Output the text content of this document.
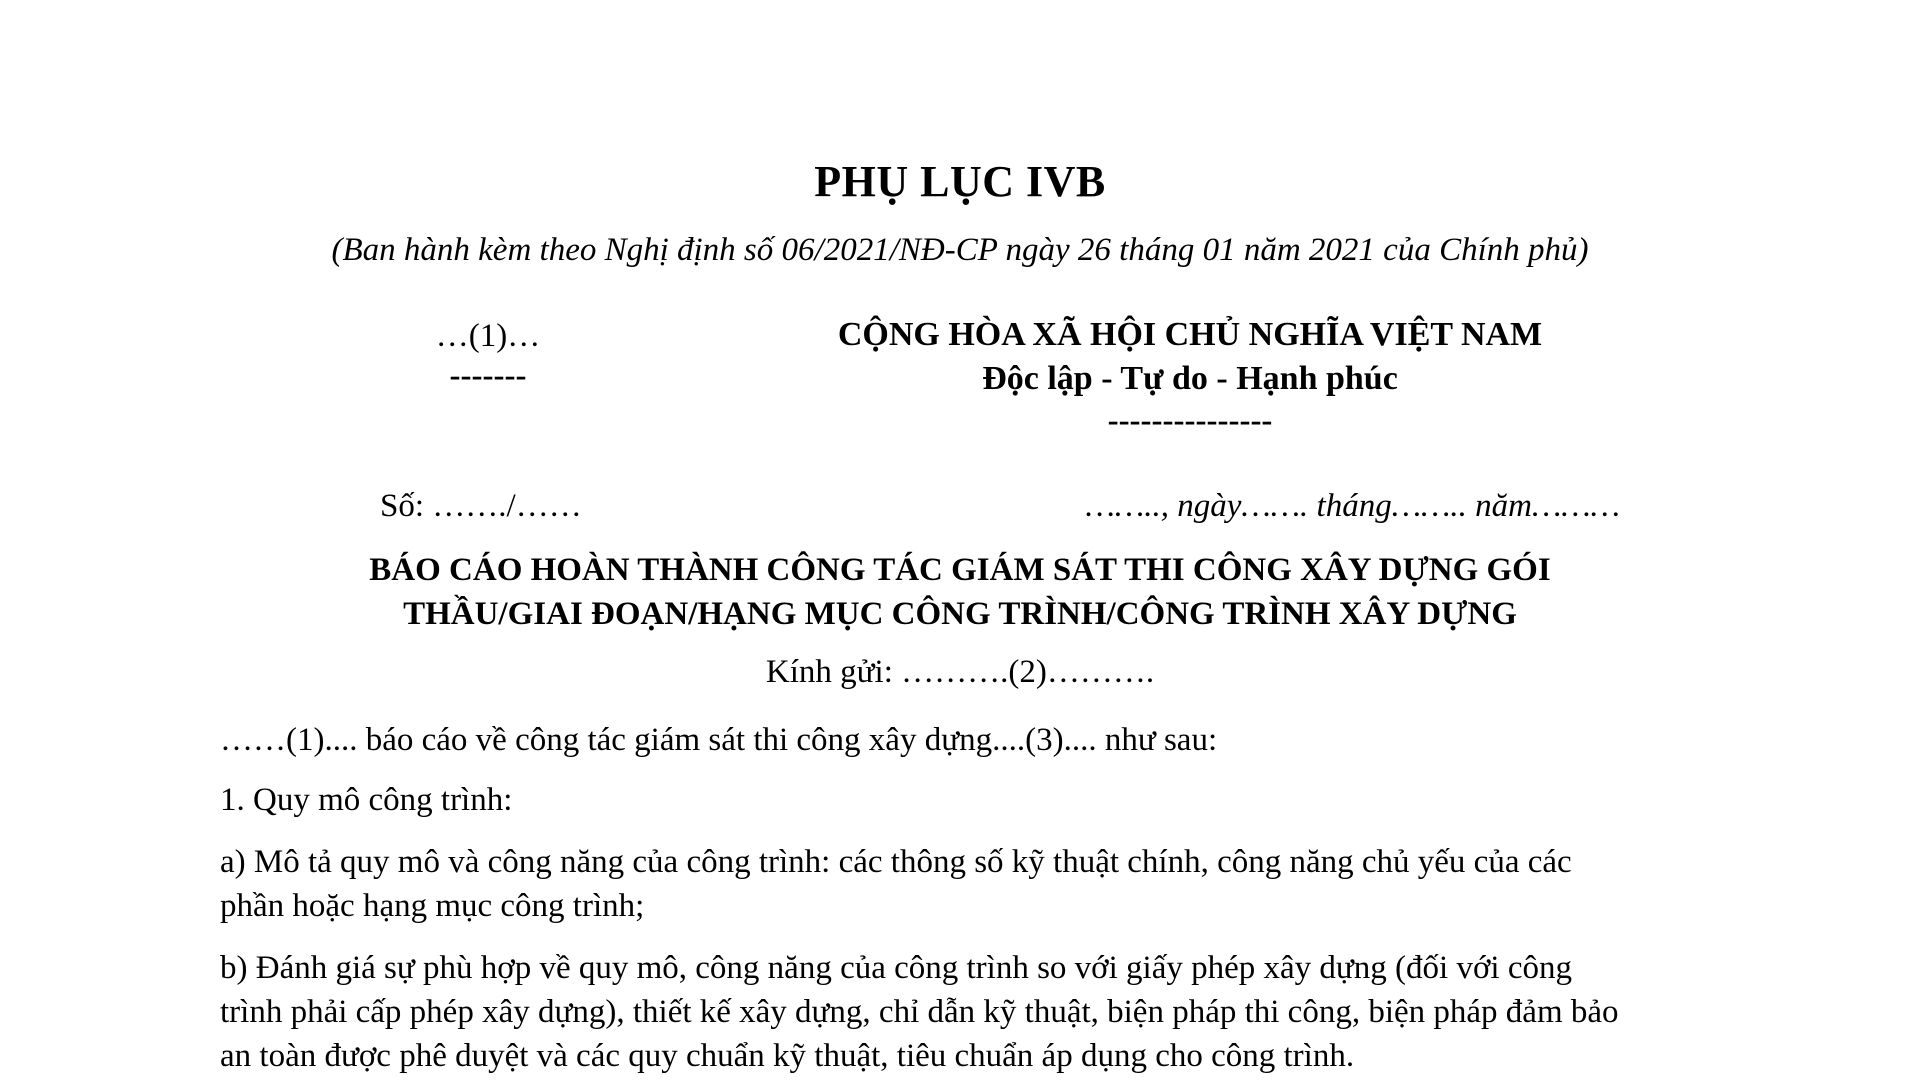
PHỤ LỤC IVB
(Ban hành kèm theo Nghị định số 06/2021/NĐ-CP ngày 26 tháng 01 năm 2021 của Chính phủ)
…(1)…
-------
CỘNG HÒA XÃ HỘI CHỦ NGHĨA VIỆT NAM
Độc lập - Tự do - Hạnh phúc
---------------
Số: ……./……	…….., ngày……. tháng…….. năm………
BÁO CÁO HOÀN THÀNH CÔNG TÁC GIÁM SÁT THI CÔNG XÂY DỰNG GÓI
THẦU/GIAI ĐOẠN/HẠNG MỤC CÔNG TRÌNH/CÔNG TRÌNH XÂY DỰNG
Kính gửi: ……….(2)……….
……(1).... báo cáo về công tác giám sát thi công xây dựng....(3).... như sau:
1. Quy mô công trình:
a) Mô tả quy mô và công năng của công trình: các thông số kỹ thuật chính, công năng chủ yếu của các
phần hoặc hạng mục công trình;
b) Đánh giá sự phù hợp về quy mô, công năng của công trình so với giấy phép xây dựng (đối với công
trình phải cấp phép xây dựng), thiết kế xây dựng, chỉ dẫn kỹ thuật, biện pháp thi công, biện pháp đảm bảo
an toàn được phê duyệt và các quy chuẩn kỹ thuật, tiêu chuẩn áp dụng cho công trình.
